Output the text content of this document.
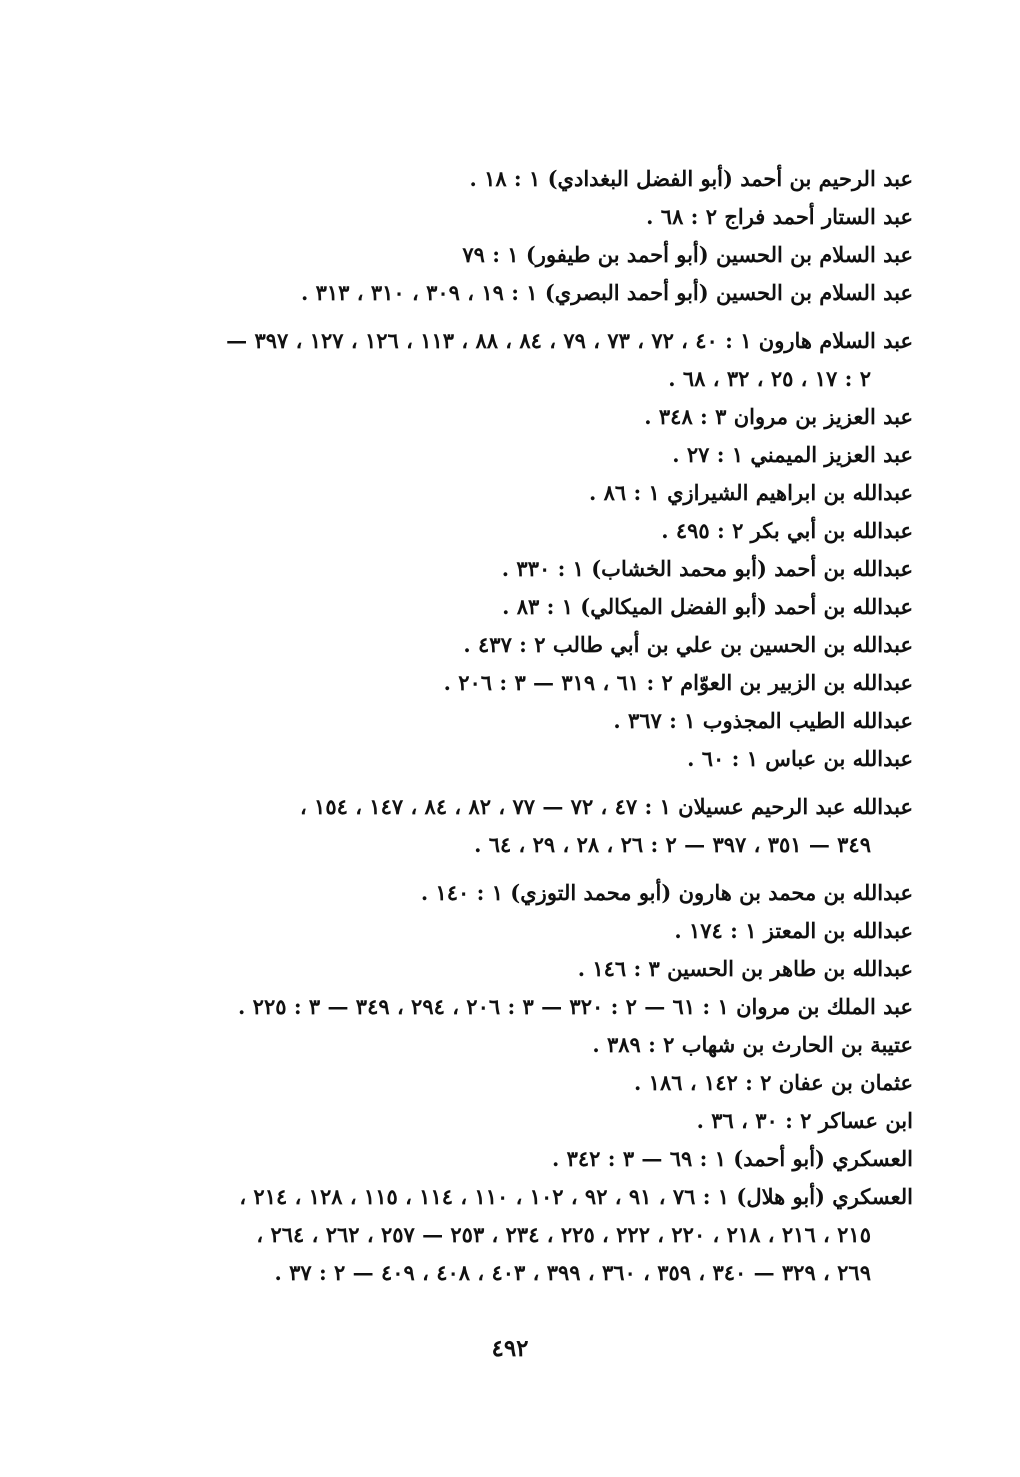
عبد الرحيم بن أحمد (أبو الفضل البغدادي) ١ : ١٨ .

عبد الستار أحمد فراج ٢ : ٦٨ .

عبد السلام بن الحسين (أبو أحمد بن طيفور) ١ : ٧٩

عبد السلام بن الحسين (أبو أحمد البصري) ١ : ١٩ ، ٣٠٩ ، ٣١٠ ، ٣١٣ .

عبد السلام هارون ١ : ٤٠ ، ٧٢ ، ٧٣ ، ٧٩ ، ٨٤ ، ٨٨ ، ١١٣ ، ١٢٦ ، ١٢٧ ، ٣٩٧ —

٢ : ١٧ ، ٢٥ ، ٣٢ ، ٦٨ .

عبد العزيز بن مروان ٣ : ٣٤٨ .

عبد العزيز الميمني ١ : ٢٧ .

عبدالله بن ابراهيم الشيرازي ١ : ٨٦ .

عبدالله بن أبي بكر ٢ : ٤٩٥ .

عبدالله بن أحمد (أبو محمد الخشاب) ١ : ٣٣٠ .

عبدالله بن أحمد (أبو الفضل الميكالي) ١ : ٨٣ .

عبدالله بن الحسين بن علي بن أبي طالب ٢ : ٤٣٧ .

عبدالله بن الزبير بن العوّام ٢ : ٦١ ، ٣١٩ — ٣ : ٢٠٦ .

عبدالله الطيب المجذوب ١ : ٣٦٧ .

عبدالله بن عباس ١ : ٦٠ .

عبدالله عبد الرحيم عسيلان ١ : ٤٧ ، ٧٢ — ٧٧ ، ٨٢ ، ٨٤ ، ١٤٧ ، ١٥٤ ،

٣٤٩ — ٣٥١ ، ٣٩٧ — ٢ : ٢٦ ، ٢٨ ، ٢٩ ، ٦٤ .

عبدالله بن محمد بن هارون (أبو محمد التوزي) ١ : ١٤٠ .

عبدالله بن المعتز ١ : ١٧٤ .

عبدالله بن طاهر بن الحسين ٣ : ١٤٦ .

عبد الملك بن مروان ١ : ٦١ — ٢ : ٣٢٠ — ٣ : ٢٠٦ ، ٢٩٤ ، ٣٤٩ — ٣ : ٢٢٥ .

عتيبة بن الحارث بن شهاب ٢ : ٣٨٩ .

عثمان بن عفان ٢ : ١٤٢ ، ١٨٦ .

ابن عساكر ٢ : ٣٠ ، ٣٦ .

العسكري (أبو أحمد) ١ : ٦٩ — ٣ : ٣٤٢ .

العسكري (أبو هلال) ١ : ٧٦ ، ٩١ ، ٩٢ ، ١٠٢ ، ١١٠ ، ١١٤ ، ١١٥ ، ١٢٨ ، ٢١٤ ،

٢١٥ ، ٢١٦ ، ٢١٨ ، ٢٢٠ ، ٢٢٢ ، ٢٢٥ ، ٢٣٤ ، ٢٥٣ — ٢٥٧ ، ٢٦٢ ، ٢٦٤ ،

٢٦٩ ، ٣٢٩ — ٣٤٠ ، ٣٥٩ ، ٣٦٠ ، ٣٩٩ ، ٤٠٣ ، ٤٠٨ ، ٤٠٩ — ٢ : ٣٧ .

٤٩٢
